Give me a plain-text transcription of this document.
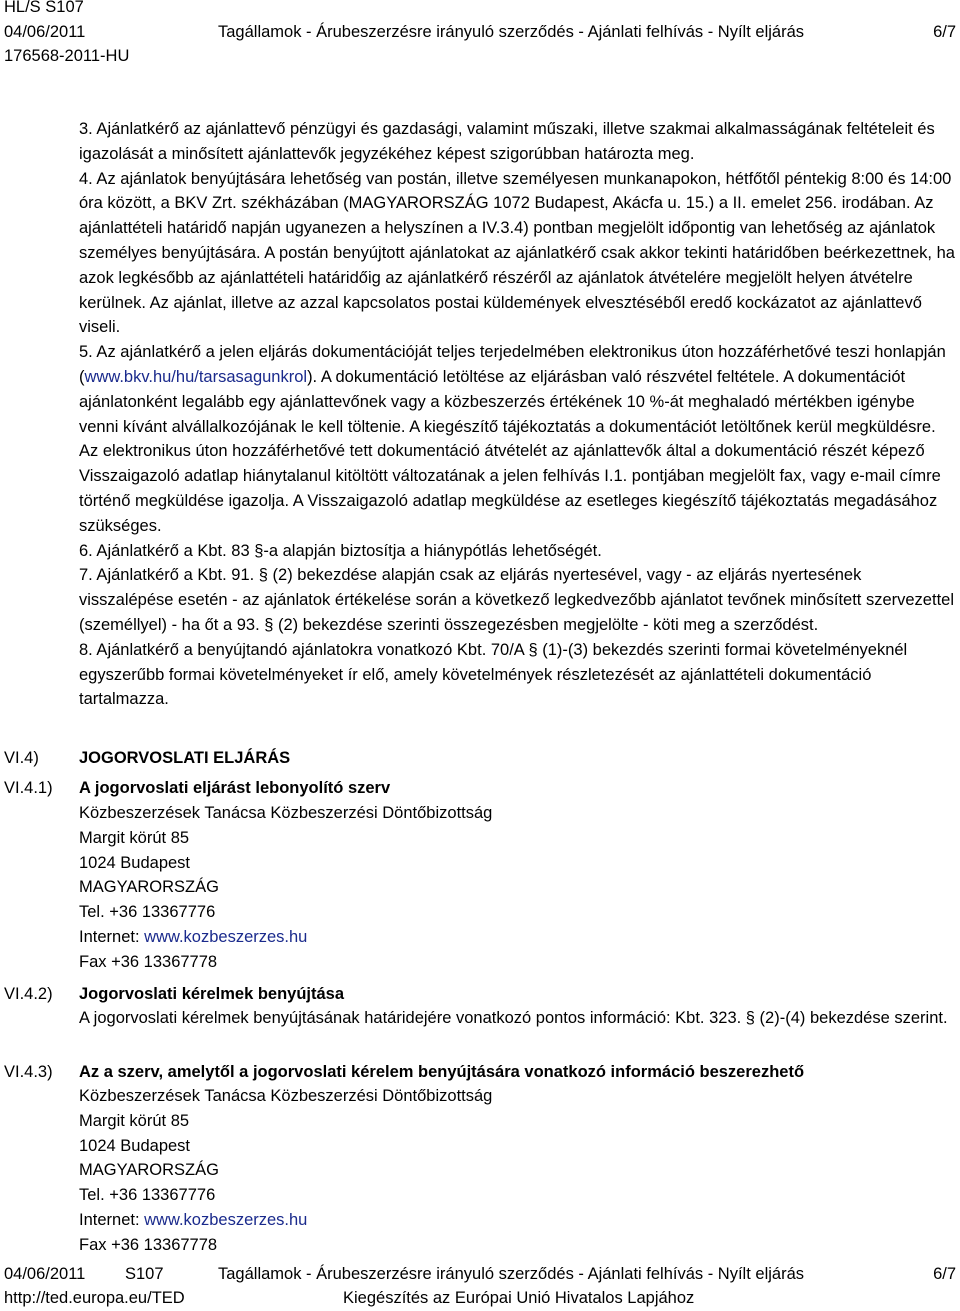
HL/S S107
04/06/2011	Tagállamok - Árubeszerzésre irányuló szerződés - Ajánlati felhívás - Nyílt eljárás	6/7
176568-2011-HU

3. Ajánlatkérő az ajánlattevő pénzügyi és gazdasági, valamint műszaki, illetve szakmai alkalmasságának feltételeit és igazolását a minősített ajánlattevők jegyzékéhez képest szigorúbban határozta meg.

4. Az ajánlatok benyújtására lehetőség van postán, illetve személyesen munkanapokon, hétfőtől péntekig 8:00 és 14:00 óra között, a BKV Zrt. székházában (MAGYARORSZÁG 1072 Budapest, Akácfa u. 15.) a II. emelet 256. irodában. Az ajánlattételi határidő napján ugyanezen a helyszínen a IV.3.4) pontban megjelölt időpontig van lehetőség az ajánlatok személyes benyújtására. A postán benyújtott ajánlatokat az ajánlatkérő csak akkor tekinti határidőben beérkezettnek, ha azok legkésőbb az ajánlattételi határidőig az ajánlatkérő részéről az ajánlatok átvételére megjelölt helyen átvételre kerülnek. Az ajánlat, illetve az azzal kapcsolatos postai küldemények elvesztéséből eredő kockázatot az ajánlattevő viseli.

5. Az ajánlatkérő a jelen eljárás dokumentációját teljes terjedelmében elektronikus úton hozzáférhetővé teszi honlapján (www.bkv.hu/hu/tarsasagunkrol). A dokumentáció letöltése az eljárásban való részvétel feltétele. A dokumentációt ajánlatonként legalább egy ajánlattevőnek vagy a közbeszerzés értékének 10 %-át meghaladó mértékben igénybe venni kívánt alvállalkozójának le kell töltenie. A kiegészítő tájékoztatás a dokumentációt letöltőnek kerül megküldésre. Az elektronikus úton hozzáférhetővé tett dokumentáció átvételét az ajánlattevők által a dokumentáció részét képező Visszaigazoló adatlap hiánytalanul kitöltött változatának a jelen felhívás I.1. pontjában megjelölt fax, vagy e-mail címre történő megküldése igazolja. A Visszaigazoló adatlap megküldése az esetleges kiegészítő tájékoztatás megadásához szükséges.

6. Ajánlatkérő a Kbt. 83 §-a alapján biztosítja a hiánypótlás lehetőségét.

7. Ajánlatkérő a Kbt. 91. § (2) bekezdése alapján csak az eljárás nyertesével, vagy - az eljárás nyertesének visszalépése esetén - az ajánlatok értékelése során a következő legkedvezőbb ajánlatot tevőnek minősített szervezettel (személlyel) - ha őt a 93. § (2) bekezdése szerinti összegezésben megjelölte - köti meg a szerződést.

8. Ajánlatkérő a benyújtandó ajánlatokra vonatkozó Kbt. 70/A § (1)-(3) bekezdés szerinti formai követelményeknél egyszerűbb formai követelményeket ír elő, amely követelmények részletezését az ajánlattételi dokumentáció tartalmazza.

VI.4) JOGORVOSLATI ELJÁRÁS
VI.4.1) A jogorvoslati eljárást lebonyolító szerv

Közbeszerzések Tanácsa Közbeszerzési Döntőbizottság

Margit körút 85

1024 Budapest

MAGYARORSZÁG

Tel. +36 13367776

Internet: www.kozbeszerzes.hu

Fax +36 13367778

VI.4.2) Jogorvoslati kérelmek benyújtása

A jogorvoslati kérelmek benyújtásának határidejére vonatkozó pontos információ: Kbt. 323. § (2)-(4) bekezdése szerint.

VI.4.3) Az a szerv, amelytől a jogorvoslati kérelem benyújtására vonatkozó információ beszerezhető

Közbeszerzések Tanácsa Közbeszerzési Döntőbizottság

Margit körút 85

1024 Budapest

MAGYARORSZÁG

Tel. +36 13367776

Internet: www.kozbeszerzes.hu

Fax +36 13367778

04/06/2011 S107	Tagállamok - Árubeszerzésre irányuló szerződés - Ajánlati felhívás - Nyílt eljárás	6/7
http://ted.europa.eu/TED	Kiegészítés az Európai Unió Hivatalos Lapjához
